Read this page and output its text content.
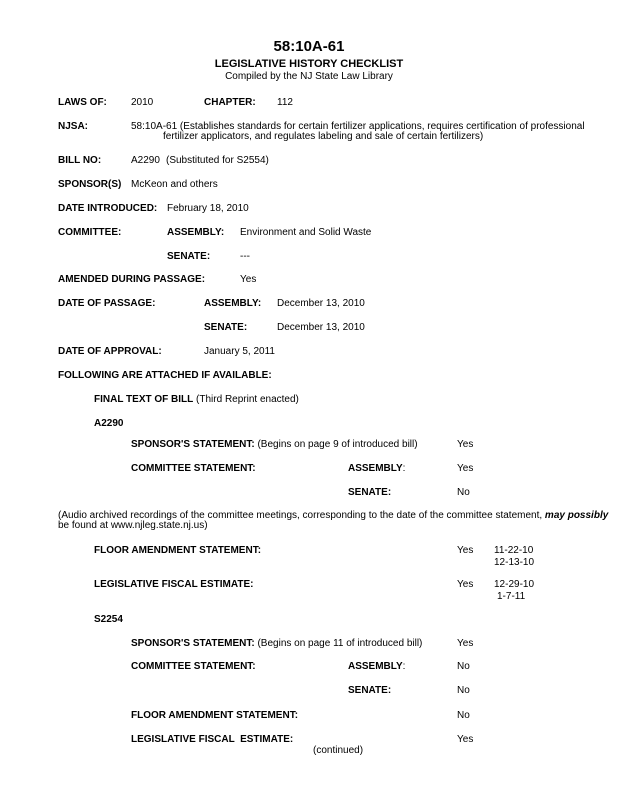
58:10A-61
LEGISLATIVE HISTORY CHECKLIST
Compiled by the NJ State Law Library
LAWS OF: 2010	CHAPTER: 112
NJSA:	58:10A-61 (Establishes standards for certain fertilizer applications, requires certification of professional
fertilizer applicators, and regulates labeling and sale of certain fertilizers)
BILL NO:	A2290 (Substituted for S2554)
SPONSOR(S) McKeon and others
DATE INTRODUCED: February 18, 2010
COMMITTEE:	ASSEMBLY: Environment and Solid Waste
SENATE:	---
AMENDED DURING PASSAGE:	Yes
DATE OF PASSAGE:	ASSEMBLY: December 13, 2010
SENATE:	December 13, 2010
DATE OF APPROVAL:	January 5, 2011
FOLLOWING ARE ATTACHED IF AVAILABLE:
FINAL TEXT OF BILL (Third Reprint enacted)
A2290
SPONSOR'S STATEMENT: (Begins on page 9 of introduced bill)	Yes
COMMITTEE STATEMENT:	ASSEMBLY:	Yes
SENATE:	No
(Audio archived recordings of the committee meetings, corresponding to the date of the committee statement, may possibly
be found at www.njleg.state.nj.us)
FLOOR AMENDMENT STATEMENT:	Yes 11-22-10
12-13-10
LEGISLATIVE FISCAL ESTIMATE:	Yes 12-29-10
1-7-11
S2254
SPONSOR'S STATEMENT: (Begins on page 11 of introduced bill)	Yes
COMMITTEE STATEMENT:	ASSEMBLY:	No
SENATE:	No
FLOOR AMENDMENT STATEMENT:	No
LEGISLATIVE FISCAL  ESTIMATE:	Yes
(continued)
